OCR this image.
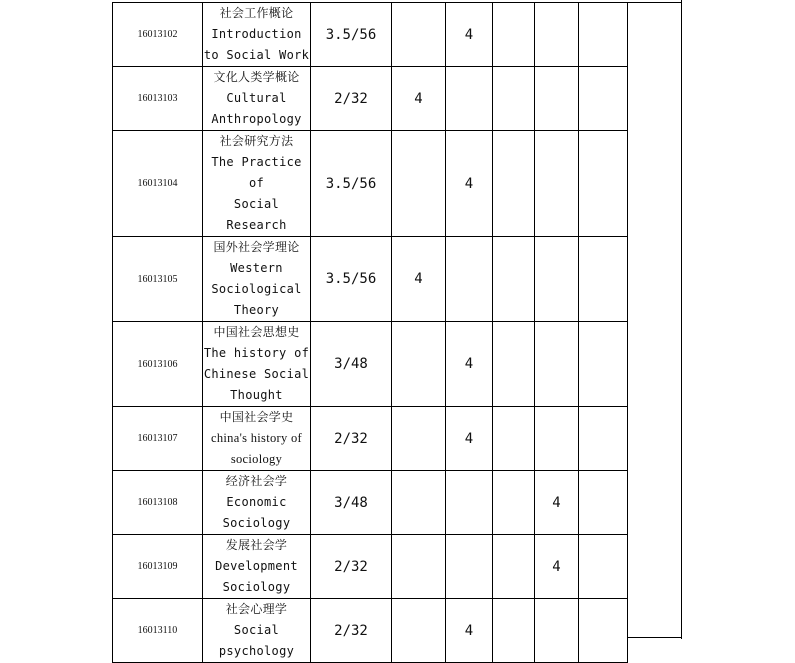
16013102	社会工作概论
Introduction
to Social Work	3.5/56		4			
16013103	文化人类学概论
Cultural
Anthropology	2/32	4				
16013104	社会研究方法
The Practice of
Social
Research	3.5/56		4			
16013105	国外社会学理论
Western
Sociological
Theory	3.5/56	4				
16013106	中国社会思想史
The history of
Chinese Social
Thought	3/48		4			
16013107	中国社会学史
china's history of
sociology	2/32		4			
16013108	经济社会学
Economic
Sociology	3/48				4	
16013109	发展社会学
Development
Sociology	2/32				4	
16013110	社会心理学
Social
psychology	2/32		4			
